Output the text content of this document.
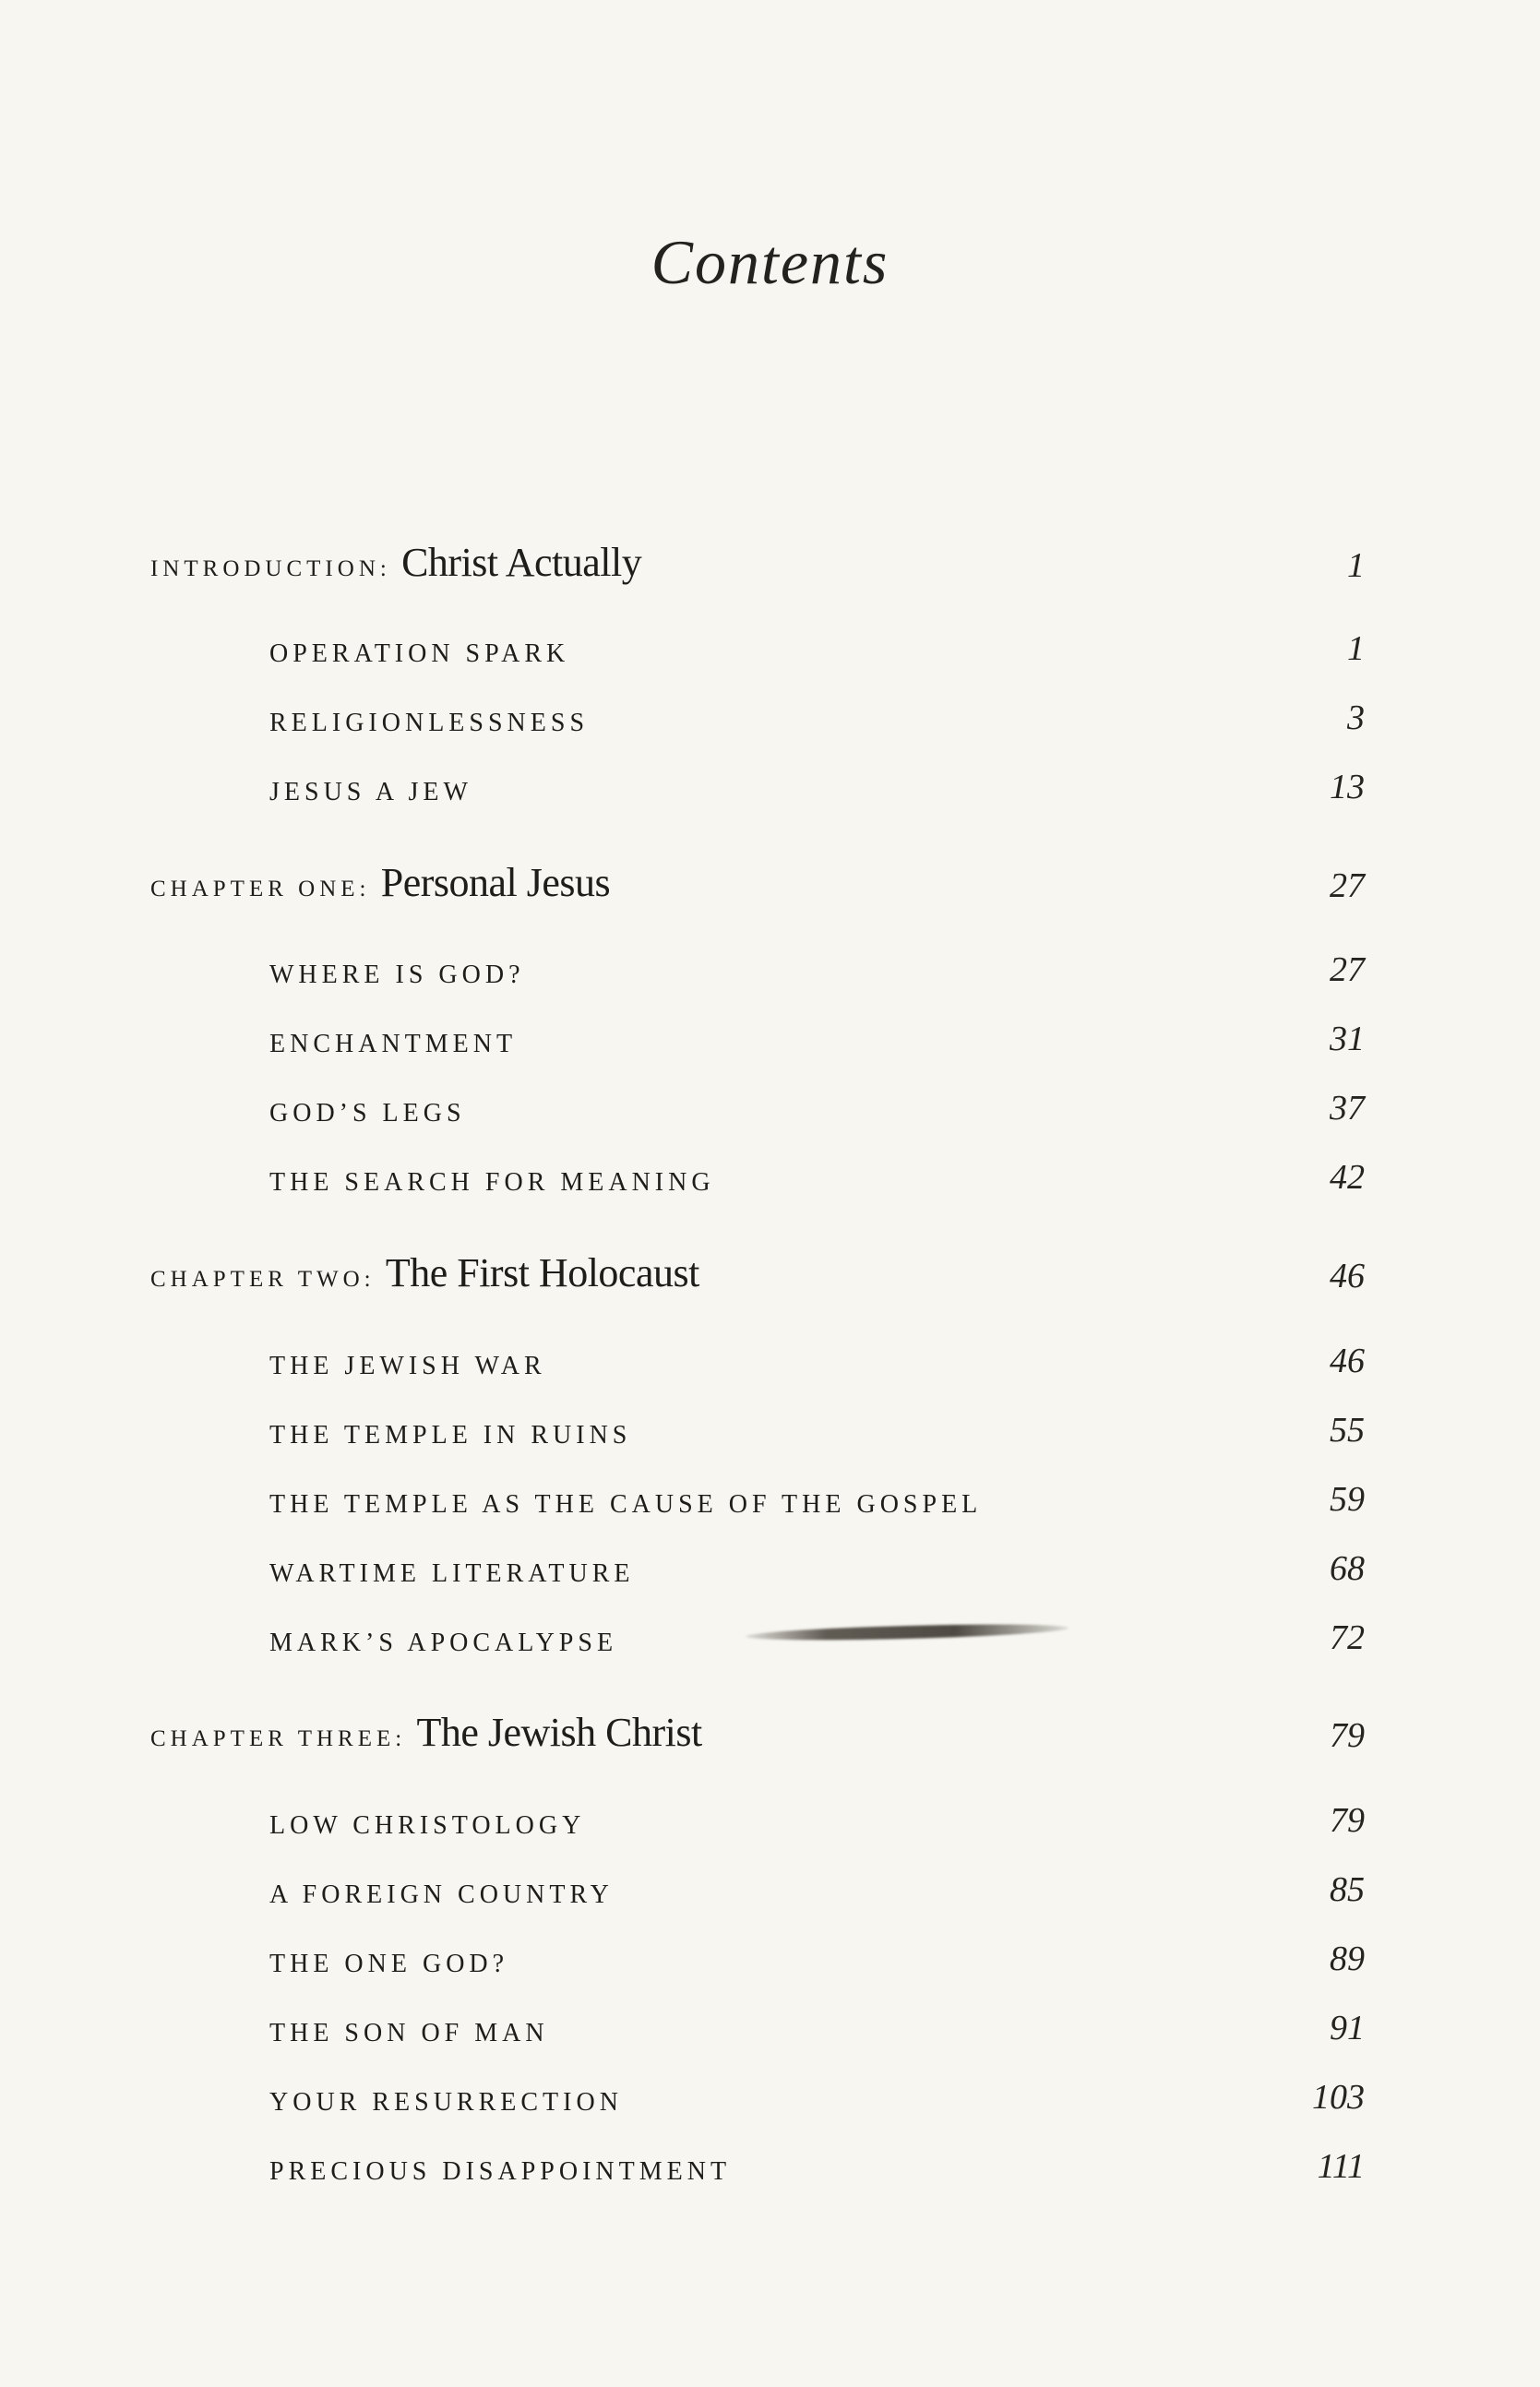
Contents
INTRODUCTION: Christ Actually	1
OPERATION SPARK	1
RELIGIONLESSNESS	3
JESUS A JEW	13
CHAPTER ONE: Personal Jesus	27
WHERE IS GOD?	27
ENCHANTMENT	31
GOD’S LEGS	37
THE SEARCH FOR MEANING	42
CHAPTER TWO: The First Holocaust	46
THE JEWISH WAR	46
THE TEMPLE IN RUINS	55
THE TEMPLE AS THE CAUSE OF THE GOSPEL	59
WARTIME LITERATURE	68
MARK’S APOCALYPSE	72
CHAPTER THREE: The Jewish Christ	79
LOW CHRISTOLOGY	79
A FOREIGN COUNTRY	85
THE ONE GOD?	89
THE SON OF MAN	91
YOUR RESURRECTION	103
PRECIOUS DISAPPOINTMENT	111
